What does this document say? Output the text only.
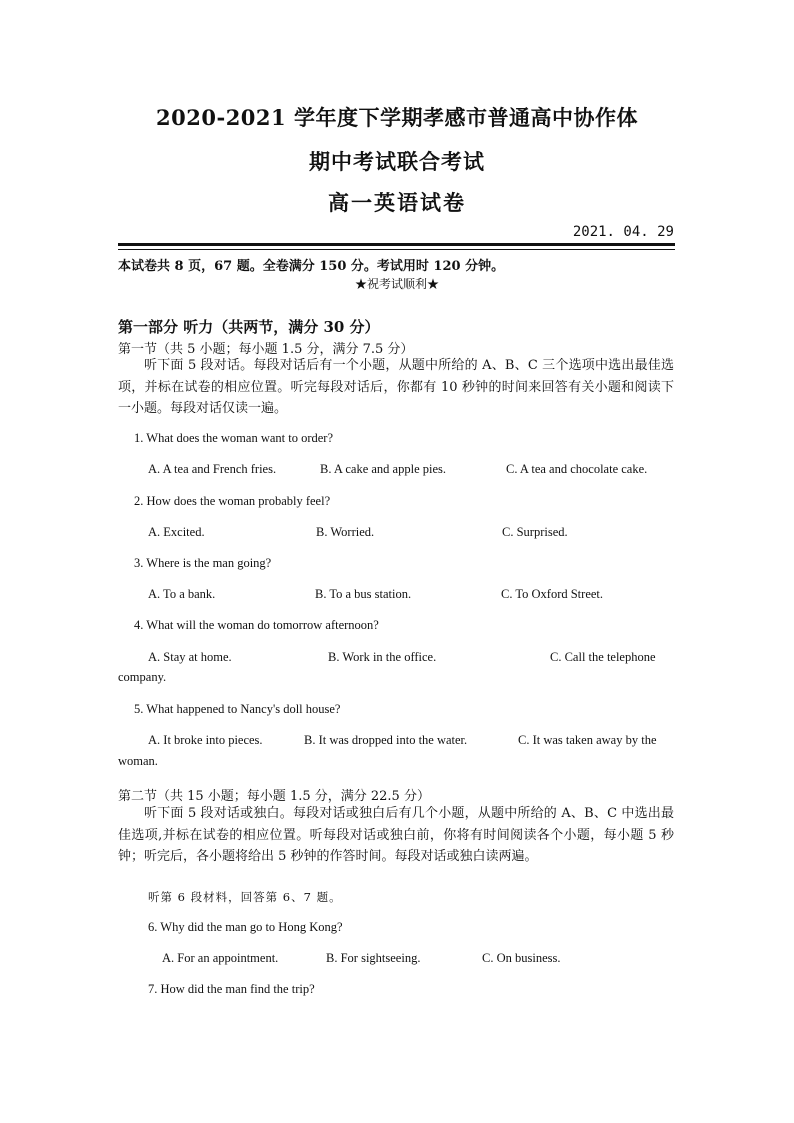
2020-2021 学年度下学期孝感市普通高中协作体
期中考试联合考试
高一英语试卷
2021. 04. 29
本试卷共 8 页，67 题。全卷满分 150 分。考试用时 120 分钟。
★祝考试顺利★
第一部分 听力（共两节，满分 30 分）
第一节（共 5 小题；每小题 1.5 分，满分 7.5 分）
听下面 5 段对话。每段对话后有一个小题，从题中所给的 A、B、C 三个选项中选出最佳选项，并标在试卷的相应位置。听完每段对话后，你都有 10 秒钟的时间来回答有关小题和阅读下一小题。每段对话仅读一遍。
1. What does the woman want to order?
A. A tea and French fries.	B. A cake and apple pies.	C. A tea and chocolate cake.
2. How does the woman probably feel?
A. Excited.	B. Worried.	C. Surprised.
3. Where is the man going?
A. To a bank.	B. To a bus station.	C. To Oxford Street.
4. What will the woman do tomorrow afternoon?
A. Stay at home.	B. Work in the office.	C. Call the telephone
company.
5. What happened to Nancy's doll house?
A. It broke into pieces.	B. It was dropped into the water.	C. It was taken away by the
woman.
第二节（共 15 小题；每小题 1.5 分，满分 22.5 分）
听下面 5 段对话或独白。每段对话或独白后有几个小题，从题中所给的 A、B、C 中选出最佳选项,并标在试卷的相应位置。听每段对话或独白前，你将有时间阅读各个小题，每小题 5 秒钟；听完后，各小题将给出 5 秒钟的作答时间。每段对话或独白读两遍。
听第 6 段材料，回答第 6、7 题。
6. Why did the man go to Hong Kong?
A. For an appointment.	B. For sightseeing.	C. On business.
7. How did the man find the trip?
